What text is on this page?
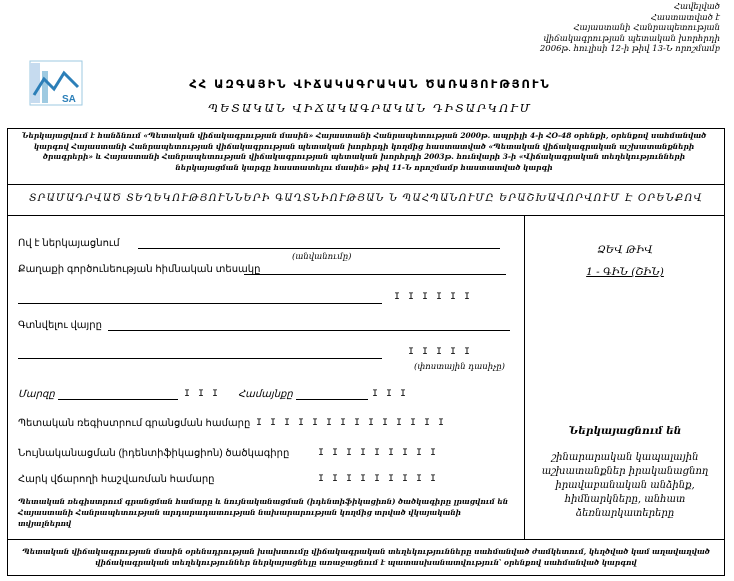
Հավելված
Հաստատված է
Հայաստանի Հանրապետության
վիճակագրության պետական խորհրդի
2006թ. հուլիսի 12-ի թիվ 13-Ն որոշմամբ
SA
ՀՀ ԱԶԳԱՅԻՆ ՎԻՃԱԿԱԳՐԱԿԱՆ ԾԱՌԱՅՈՒԹՅՈՒՆ
ՊԵՏԱԿԱՆ ՎԻՃԱԿԱԳՐԱԿԱՆ ԴԻՏԱՐԿՈՒՄ
Ներկայացվում է հանձնում «Պետական վիճակագրության մասին» Հայաստանի Հանրապետության 2000թ. ապրիլի 4-ի ՀՕ-48 օրենքի, օրենքով սահմանված կարգով Հայաստանի Հանրապետության վիճակագրության պետական խորհրդի կողմից հաստատված «Պետական վիճակագրական աշխատանքների ծրագրերի» և Հայաստանի Հանրապետության վիճակագրության պետական խորհրդի 2003թ. հունվարի 3-ի «Վիճակագրական տեղեկությունների ներկայացման կարգը հաստատելու մասին» թիվ 11-Ն որոշմամբ հաստատված կարգի
ՏՐԱՄԱԴՐՎԱԾ ՏԵՂԵԿՈՒԹՅՈՒՆՆԵՐԻ ԳԱՂՏՆԻՈՒԹՅԱՆ Ն ՊԱՀՊԱՆՈՒՄԸ ԵՐԱՇԽԱՎՈՐՎՈՒՄ Է ՕՐԵՆՔՈՎ
Ով է ներկայացնում
(անվանումը)
Քաղաքի գործունեության հիմնական տեսակը
I I I I I I
Գտնվելու վայրը
I I I I I
(փոստային դասիչը)
Մարզը	I I I Համայնքը	I I I
Պետական ռեգիստրում գրանցման համարը I I I I I I I I I I I I I I
Նույնականացման (իդենտիֆիկացիոն) ծածկագիրը	I I I I I I I I I
Հարկ վճարողի հաշվառման համարը	I I I I I I I I I
Պետական ռեգիստրում գրանցման համարը և նույնականացման (իդենտիֆիկացիոն) ծածկագիրը լրացվում են Հայաստանի Հանրապետության արդարադատության նախարարության կողմից տրված վկայականի տվյալներով
ՁԵՎ ԹԻՎ
1 - ԳԻՆ (ՇԻՆ)
Ներկայացնում են
շինարարական կապալային
աշխատանքներ իրականացնող
իրավաբանական անձինք,
հիմնարկները, անհատ
ձեռնարկատերերը
Պետական վիճակագրության մասին օրենսդրության խախտումը վիճակագրական տեղեկությունները սահմանված ժամկետում, կեղծված կամ աղավաղված վիճակագրական տեղեկություններ ներկայացնելը առաջացնում է պատասխանատվություն՝ օրենքով սահմանված կարգով
